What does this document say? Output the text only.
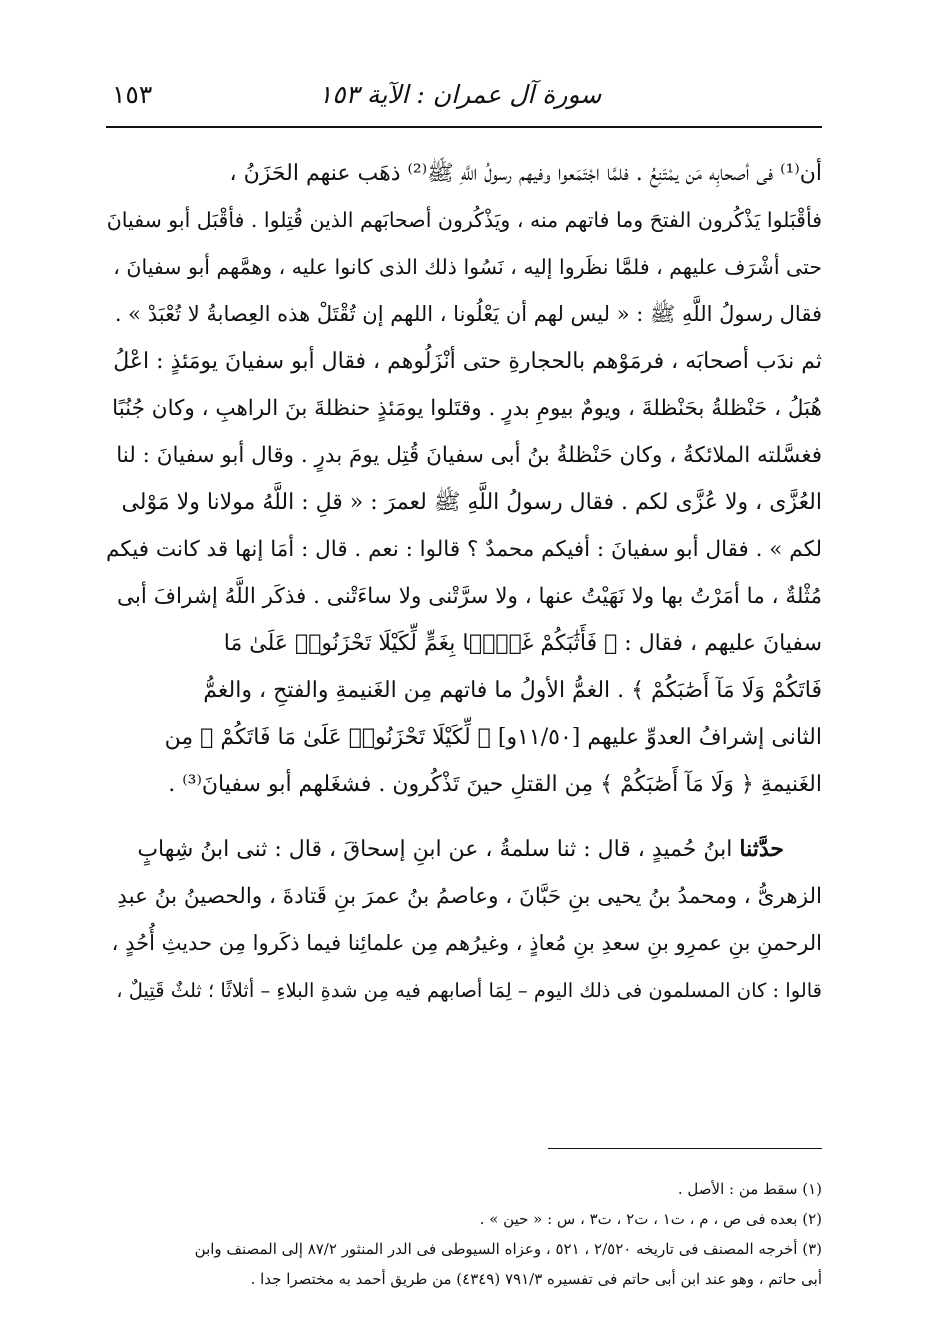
١٥٣	سورة آل عمران : الآية ١٥٣

أن⁽¹⁾ فى أصحابِه مَن يمْتَنِعُ . فلمَّا اجْتَمَعوا وفيهم رسولُ اللَّهِ ﷺ⁽²⁾ ذهَب عنهم الحَزَنُ ،
فأقْبَلوا يَذْكُرون الفتحَ وما فاتهم منه ، ويَذْكُرون أصحابَهم الذين قُتِلوا . فأقْبَل أبو سفيانَ
حتى أشْرَف عليهم ، فلمَّا نظَروا إليه ، نَسُوا ذلك الذى كانوا عليه ، وهمَّهم أبو سفيانَ ،
فقال رسولُ اللَّهِ ﷺ : « ليس لهم أن يَعْلُونا ، اللهم إن تُقْتَلْ هذه العِصابةُ لا تُعْبَدْ » .
ثم ندَب أصحابَه ، فرمَوْهم بالحجارةِ حتى أنْزَلُوهم ، فقال أبو سفيانَ يومَئذٍ : اعْلُ
هُبَلُ ، حَنْظلةُ بحَنْظلةَ ، ويومٌ بيومِ بدرٍ . وقتَلوا يومَئذٍ حنظلةَ بنَ الراهبِ ، وكان جُنُبًا
فغسَّلته الملائكةُ ، وكان حَنْظلةُ بنُ أبى سفيانَ قُتِل يومَ بدرٍ . وقال أبو سفيانَ : لنا
العُزَّى ، ولا عُزَّى لكم . فقال رسولُ اللَّهِ ﷺ لعمرَ : « قلِ : اللَّهُ مولانا ولا مَوْلى
لكم » . فقال أبو سفيانَ : أفيكم محمدٌ ؟ قالوا : نعم . قال : أمَا إنها قد كانت فيكم
مُثْلةٌ ، ما أمَرْتُ بها ولا نَهَيْتُ عنها ، ولا سرَّتْنى ولا ساءَتْنى . فذكَر اللَّهُ إشرافَ أبى
سفيانَ عليهم ، فقال : ﴿ فَأَثَٰبَكُمْ غَمَّۢا بِغَمٍّ لِّكَيْلَا تَحْزَنُوا۟ عَلَىٰ مَا
فَاتَكُمْ وَلَا مَآ أَصَٰبَكُمْ ﴾ . الغمُّ الأولُ ما فاتهم مِن الغَنيمةِ والفتحِ ، والغمُّ
الثانى إشرافُ العدوِّ عليهم [١١/٥٠و] ﴿ لِّكَيْلَا تَحْزَنُوا۟ عَلَىٰ مَا فَاتَكُمْ ﴾ مِن
الغَنيمةِ ﴿ وَلَا مَآ أَصَٰبَكُمْ ﴾ مِن القتلِ حينَ تَذْكُرون . فشغَلهم أبو سفيانَ⁽³⁾ .

حدَّثنا ابنُ حُميدٍ ، قال : ثنا سلمةُ ، عن ابنِ إسحاقَ ، قال : ثنى ابنُ شِهابٍ
الزهرىُّ ، ومحمدُ بنُ يحيى بنِ حَبَّانَ ، وعاصمُ بنُ عمرَ بنِ قَتادةَ ، والحصينُ بنُ عبدِ
الرحمنِ بنِ عمرِو بنِ سعدِ بنِ مُعاذٍ ، وغيرُهم مِن علمائِنا فيما ذكَروا مِن حديثِ أُحُدٍ ،
قالوا : كان المسلمون فى ذلك اليوم – لِمَا أصابهم فيه مِن شدةِ البلاءِ – أثلاثًا ؛ ثلثٌ قَتِيلٌ ،

(١) سقط من : الأصل .
(٢) بعده فى ص ، م ، ت١ ، ت٢ ، ت٣ ، س : « حين » .
(٣) أخرجه المصنف فى تاريخه ٢/٥٢٠ ، ٥٢١ ، وعزاه السيوطى فى الدر المنثور ٨٧/٢ إلى المصنف وابن
أبى حاتم ، وهو عند ابن أبى حاتم فى تفسيره ٧٩١/٣ (٤٣٤٩) من طريق أحمد به مختصرا جدا .
